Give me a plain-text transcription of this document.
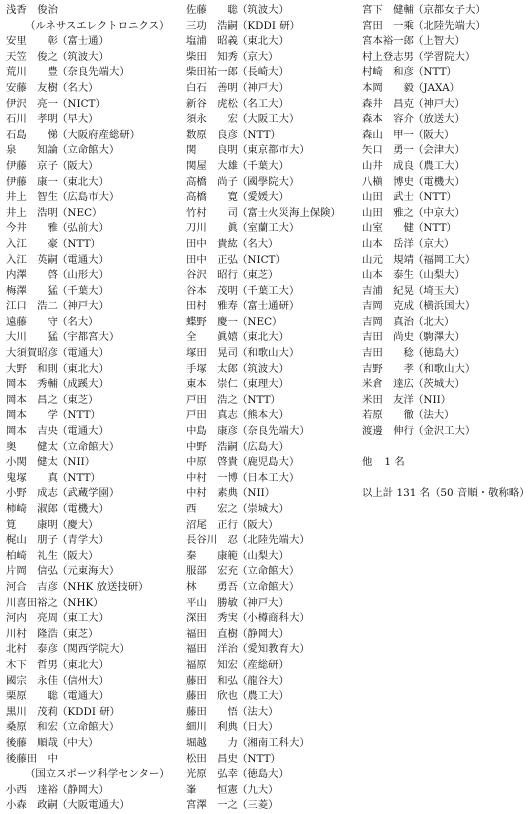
浅香　俊治
（ルネサスエレクトロニクス）
安里　　彰 （富士通）
天笠　俊之 （筑波大）
荒川　　豊 （奈良先端大）
安藤　友樹 （名大）
伊沢　亮一 （NICT）
石川　孝明 （早大）
石島　　悌 （大阪府産総研）
泉　　知論 （立命館大）
伊藤　京子 （阪大）
伊藤　康一 （東北大）
井上　智生 （広島市大）
井上　浩明 （NEC）
今井　　雅 （弘前大）
入江　　豪 （NTT）
入江　英嗣 （電通大）
内澤　　啓 （山形大）
梅澤　　猛 （千葉大）
江口　浩二 （神戸大）
遠藤　　守 （名大）
大川　　猛 （宇都宮大）
大須賀昭彦 （電通大）
大野　和則 （東北大）
岡本　秀輔 （成蹊大）
岡本　昌之 （東芝）
岡本　　学 （NTT）
岡本　吉央 （電通大）
奥　　健太 （立命館大）
小関　健太 （NII）
鬼塚　　真 （NTT）
小野　成志 （武蔵学園）
柿崎　淑郎 （電機大）
筧　　康明 （慶大）
梶山　朋子 （青学大）
柏崎　礼生 （阪大）
片岡　信弘 （元東海大）
河合　吉彦 （NHK 放送技研）
川喜田裕之 （NHK）
河内　亮周 （東工大）
川村　隆浩 （東芝）
北村　泰彦 （関西学院大）
木下　哲男 （東北大）
國宗　永佳 （信州大）
栗原　　聡 （電通大）
黒川　茂莉 （KDDI 研）
桑原　和宏 （立命館大）
後藤　順哉 （中大）
後藤田　中
（国立スポーツ科学センター）
小西　達裕 （静岡大）
小森　政嗣 （大阪電通大）
佐藤　　聡 （筑波大）
三功　浩嗣 （KDDI 研）
塩浦　昭義 （東北大）
柴田　知秀 （京大）
柴田祐一郎 （長崎大）
白石　善明 （神戸大）
新谷　虎松 （名工大）
須永　　宏 （大阪工大）
数原　良彦 （NTT）
関　　良明 （東京都市大）
関屋　大雄 （千葉大）
高橋　尚子 （國學院大）
高橋　　寛 （愛媛大）
竹村　　司 （富士火災海上保険）
刀川　　眞 （室蘭工大）
田中　貴紘 （名大）
田中　正弘 （NICT）
谷沢　昭行 （東芝）
谷本　茂明 （千葉工大）
田村　雅寿 （富士通研）
蝶野　慶一 （NEC）
全　　眞嬉 （東北大）
塚田　晃司 （和歌山大）
手塚　太郎 （筑波大）
東本　崇仁 （東理大）
戸田　浩之 （NTT）
戸田　真志 （熊本大）
中島　康彦 （奈良先端大）
中野　浩嗣 （広島大）
中原　啓貴 （鹿児島大）
中村　一博 （日本工大）
中村　素典 （NII）
西　　宏之 （崇城大）
沼尾　正行 （阪大）
長谷川　忍 （北陸先端大）
秦　　康範 （山梨大）
服部　宏充 （立命館大）
林　　勇吾 （立命館大）
平山　勝敏 （神戸大）
深田　秀実 （小樽商科大）
福田　直樹 （静岡大）
福田　洋治 （愛知教育大）
福原　知宏 （産総研）
藤田　和弘 （龍谷大）
藤田　欣也 （農工大）
藤田　　悟 （法大）
細川　利典 （日大）
堀越　　力 （湘南工科大）
松田　昌史 （NTT）
光原　弘幸 （徳島大）
峯　　恒憲 （九大）
宮澤　一之 （三菱）
宮下　健輔 （京都女子大）
宮田　一乘 （北陸先端大）
宮本裕一郎 （上智大）
村上登志男 （学習院大）
村崎　和彦 （NTT）
本岡　　毅 （JAXA）
森井　昌克 （神戸大）
森本　容介 （放送大）
森山　甲一 （阪大）
矢口　勇一 （会津大）
山井　成良 （農工大）
八槇　博史 （電機大）
山田　武士 （NTT）
山田　雅之 （中京大）
山室　　健 （NTT）
山本　岳洋 （京大）
山元　規靖 （福岡工大）
山本　泰生 （山梨大）
吉浦　紀晃 （埼玉大）
吉岡　克成 （横浜国大）
吉岡　真治 （北大）
吉田　尚史 （駒澤大）
吉田　　稔 （徳島大）
吉野　　孝 （和歌山大）
米倉　達広 （茨城大）
米田　友洋 （NII）
若原　　徹 （法大）
渡邊　伸行 （金沢工大）
他 1 名
以上 計 131 名 （50 音順・敬称略）
